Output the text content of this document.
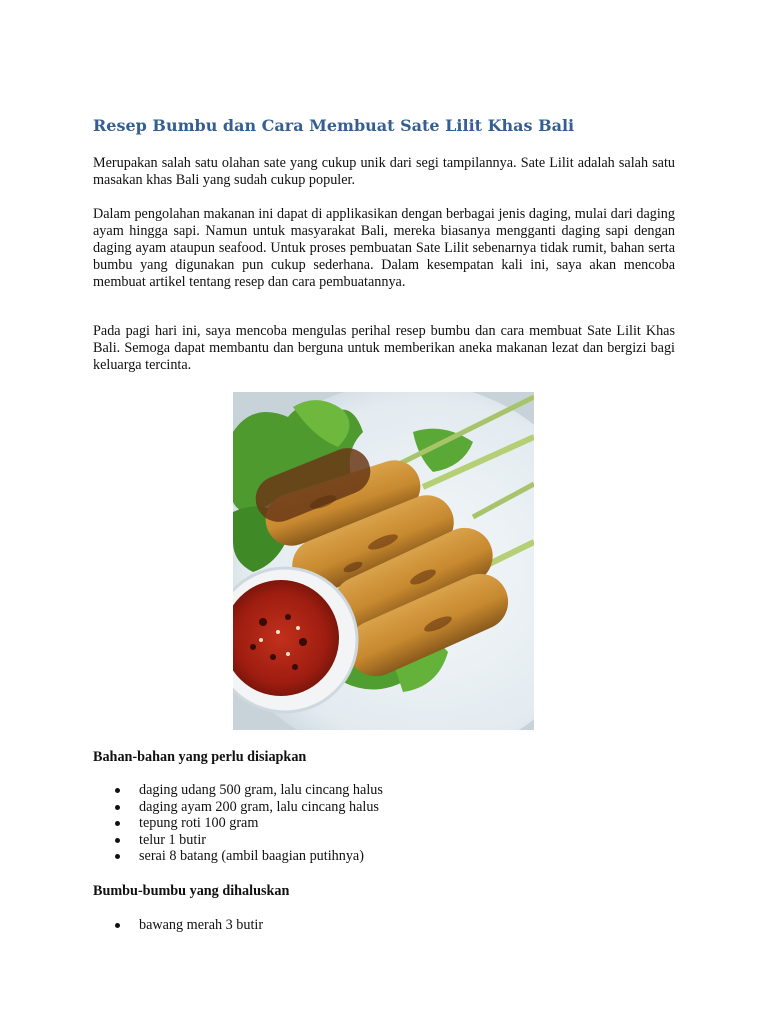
Resep Bumbu dan Cara Membuat Sate Lilit Khas Bali

Merupakan salah satu olahan sate yang cukup unik dari segi tampilannya. Sate Lilit adalah salah satu masakan khas Bali yang sudah cukup populer.

Dalam pengolahan makanan ini dapat di applikasikan dengan berbagai jenis daging, mulai dari daging ayam hingga sapi. Namun untuk masyarakat Bali, mereka biasanya mengganti daging sapi dengan daging ayam ataupun seafood. Untuk proses pembuatan Sate Lilit sebenarnya tidak rumit, bahan serta bumbu yang digunakan pun cukup sederhana. Dalam kesempatan kali ini, saya akan mencoba membuat artikel tentang resep dan cara pembuatannya.

Pada pagi hari ini, saya mencoba mengulas perihal resep bumbu dan cara membuat Sate Lilit Khas Bali. Semoga dapat membantu dan berguna untuk memberikan aneka makanan lezat dan bergizi bagi keluarga tercinta.

Bahan-bahan yang perlu disiapkan

daging udang 500 gram, lalu cincang halus
daging ayam 200 gram, lalu cincang halus
tepung roti 100 gram
telur 1 butir
serai 8 batang (ambil baagian putihnya)

Bumbu-bumbu yang dihaluskan

bawang merah 3 butir
